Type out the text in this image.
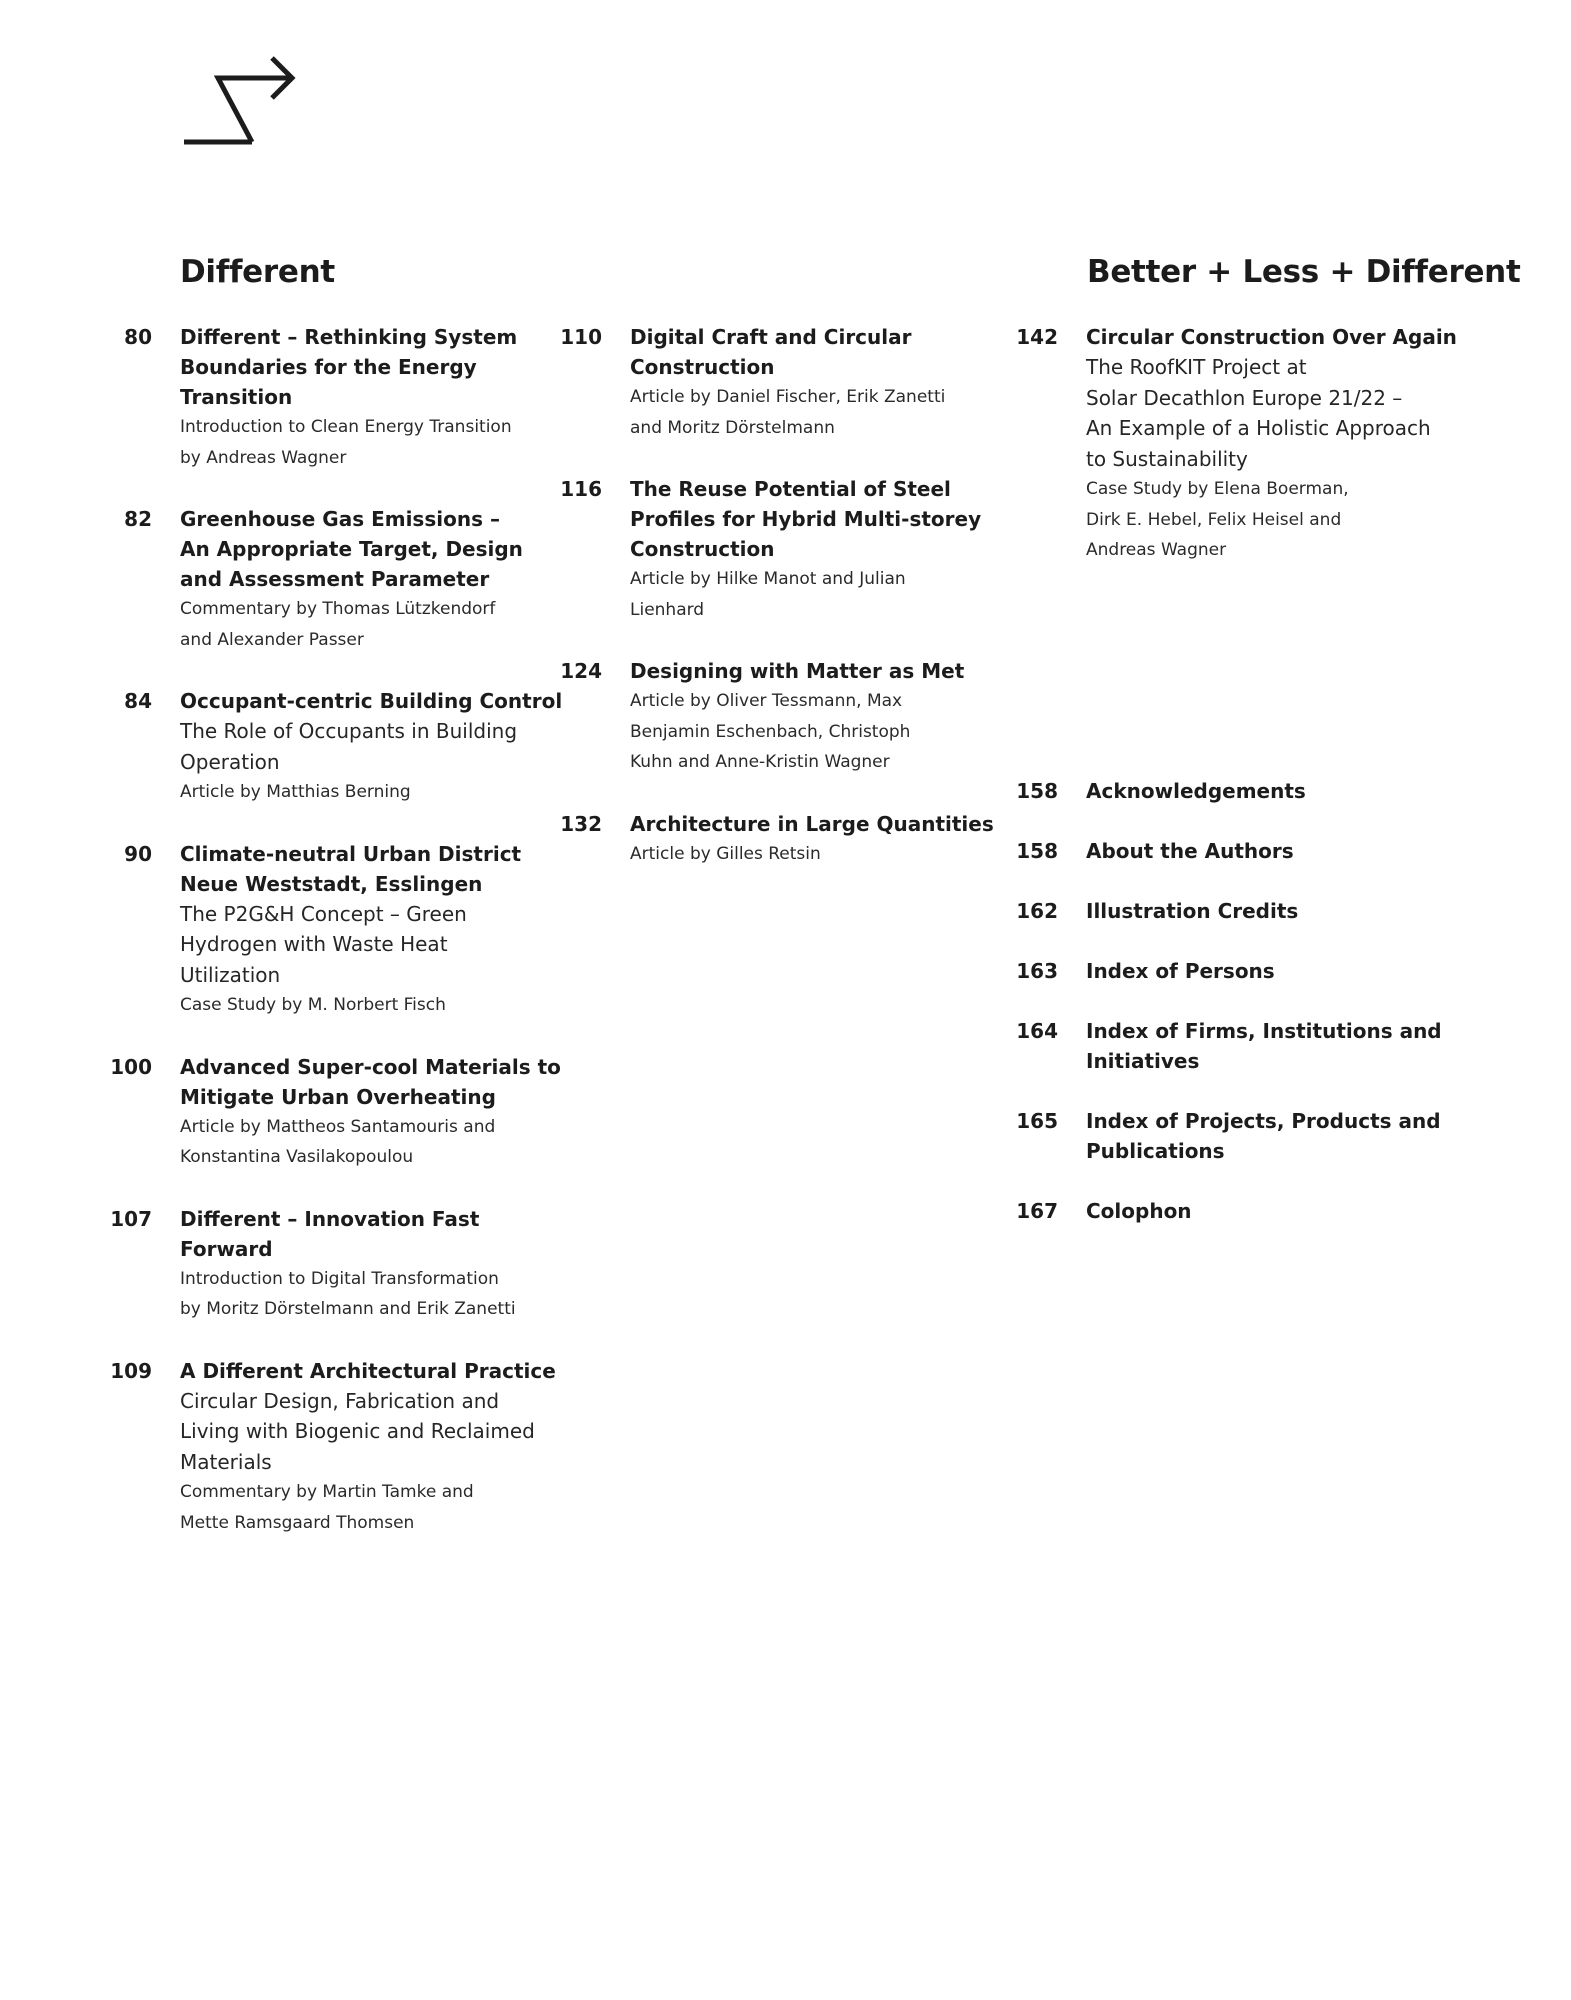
Different	Better + Less + Different
80 Different – Rethinking System
Boundaries for the Energy
Transition
Introduction to Clean Energy Transition
by Andreas Wagner
82 Greenhouse Gas Emissions –
An Appropriate Target, Design
and Assessment Parameter
Commentary by Thomas Lützkendorf
and Alexander Passer
84 Occupant-centric Building Control
The Role of Occupants in Building
Operation
Article by Matthias Berning
90 Climate-neutral Urban District
Neue Weststadt, Esslingen
The P2G&H Concept – Green
Hydrogen with Waste Heat
Utilization
Case Study by M. Norbert Fisch
100 Advanced Super-cool Materials to
Mitigate Urban Overheating
Article by Mattheos Santamouris and
Konstantina Vasilakopoulou
107 Different – Innovation Fast
Forward
Introduction to Digital Transformation
by Moritz Dörstelmann and Erik Zanetti
109 A Different Architectural Practice
Circular Design, Fabrication and
Living with Biogenic and Reclaimed
Materials
Commentary by Martin Tamke and
Mette Ramsgaard Thomsen
110 Digital Craft and Circular
Construction
Article by Daniel Fischer, Erik Zanetti
and Moritz Dörstelmann
116 The Reuse Potential of Steel
Profiles for Hybrid Multi-storey
Construction
Article by Hilke Manot and Julian
Lienhard
124 Designing with Matter as Met
Article by Oliver Tessmann, Max
Benjamin Eschenbach, Christoph
Kuhn and Anne-Kristin Wagner
132 Architecture in Large Quantities
Article by Gilles Retsin
142 Circular Construction Over Again
The RoofKIT Project at
Solar Decathlon Europe 21/22 –
An Example of a Holistic Approach
to Sustainability
Case Study by Elena Boerman,
Dirk E. Hebel, Felix Heisel and
Andreas Wagner
158 Acknowledgements
158 About the Authors
162 Illustration Credits
163 Index of Persons
164 Index of Firms, Institutions and
Initiatives
165 Index of Projects, Products and
Publications
167 Colophon
